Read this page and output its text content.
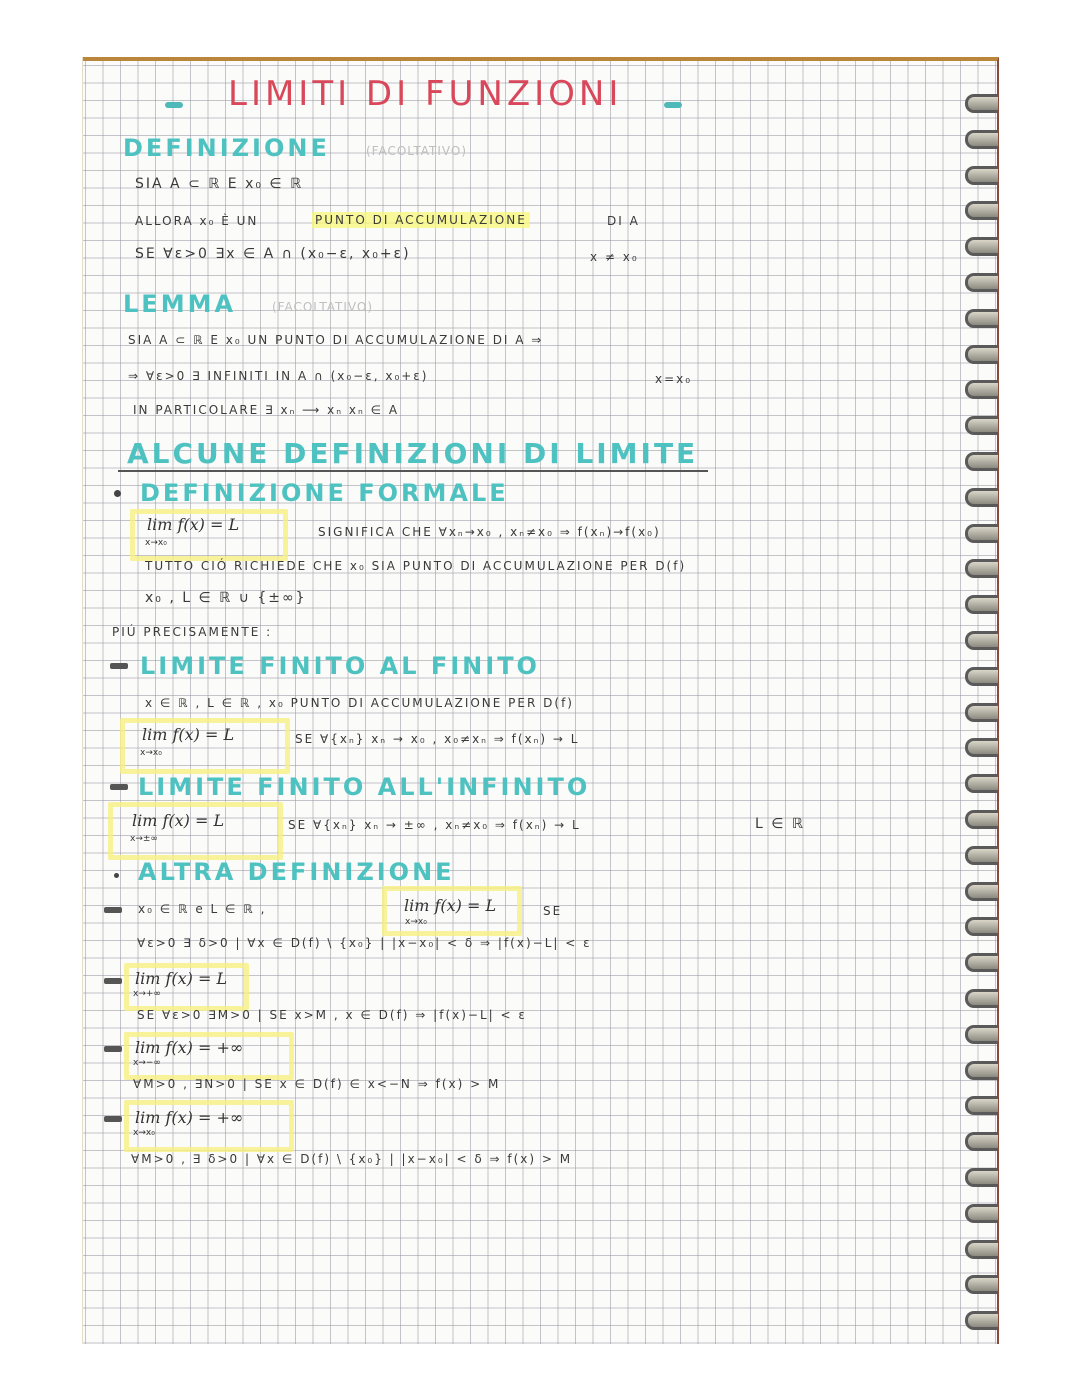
LIMITI DI FUNZIONI
DEFINIZIONE	(FACOLTATIVO)
SIA A ⊂ ℝ E x₀ ∈ ℝ
ALLORA x₀ È UN	PUNTO DI ACCUMULAZIONE	DI A
SE ∀ε>0 ∃x ∈ A ∩ (x₀−ε, x₀+ε)	x ≠ x₀
LEMMA	(FACOLTATIVO)
SIA A ⊂ ℝ E x₀ UN PUNTO DI ACCUMULAZIONE DI A ⇒
⇒ ∀ε>0 ∃ INFINITI IN A ∩ (x₀−ε, x₀+ε)	x=x₀
IN PARTICOLARE ∃ xₙ ⟶ xₙ xₙ ∈ A
ALCUNE DEFINIZIONI DI LIMITE
DEFINIZIONE FORMALE
lim f(x) = L
x→x₀
SIGNIFICA CHE ∀xₙ→x₀ , xₙ≠x₀ ⇒ f(xₙ)→f(x₀)
TUTTO CIÓ RICHIEDE CHE x₀ SIA PUNTO DI ACCUMULAZIONE PER D(f)
x₀ , L ∈ ℝ ∪ {±∞}
PIÚ PRECISAMENTE :
LIMITE FINITO AL FINITO
x ∈ ℝ , L ∈ ℝ , x₀ PUNTO DI ACCUMULAZIONE PER D(f)
lim f(x) = L
x→x₀
SE ∀{xₙ} xₙ → x₀ , x₀≠xₙ ⇒ f(xₙ) → L
LIMITE FINITO ALL'INFINITO
lim f(x) = L
x→±∞
SE ∀{xₙ} xₙ → ±∞ , xₙ≠x₀ ⇒ f(xₙ) → L	L ∈ ℝ
ALTRA DEFINIZIONE
x₀ ∈ ℝ e L ∈ ℝ ,	lim f(x) = L
x→x₀
SE
∀ε>0 ∃ δ>0 | ∀x ∈ D(f) \ {x₀} | |x−x₀| < δ ⇒ |f(x)−L| < ε
lim f(x) = L
x→+∞
SE ∀ε>0 ∃M>0 | SE x>M , x ∈ D(f) ⇒ |f(x)−L| < ε
lim f(x) = +∞
x→−∞
∀M>0 , ∃N>0 | SE x ∈ D(f) ∈ x<−N ⇒ f(x) > M
lim f(x) = +∞
x→x₀
∀M>0 , ∃ δ>0 | ∀x ∈ D(f) \ {x₀} | |x−x₀| < δ ⇒ f(x) > M
